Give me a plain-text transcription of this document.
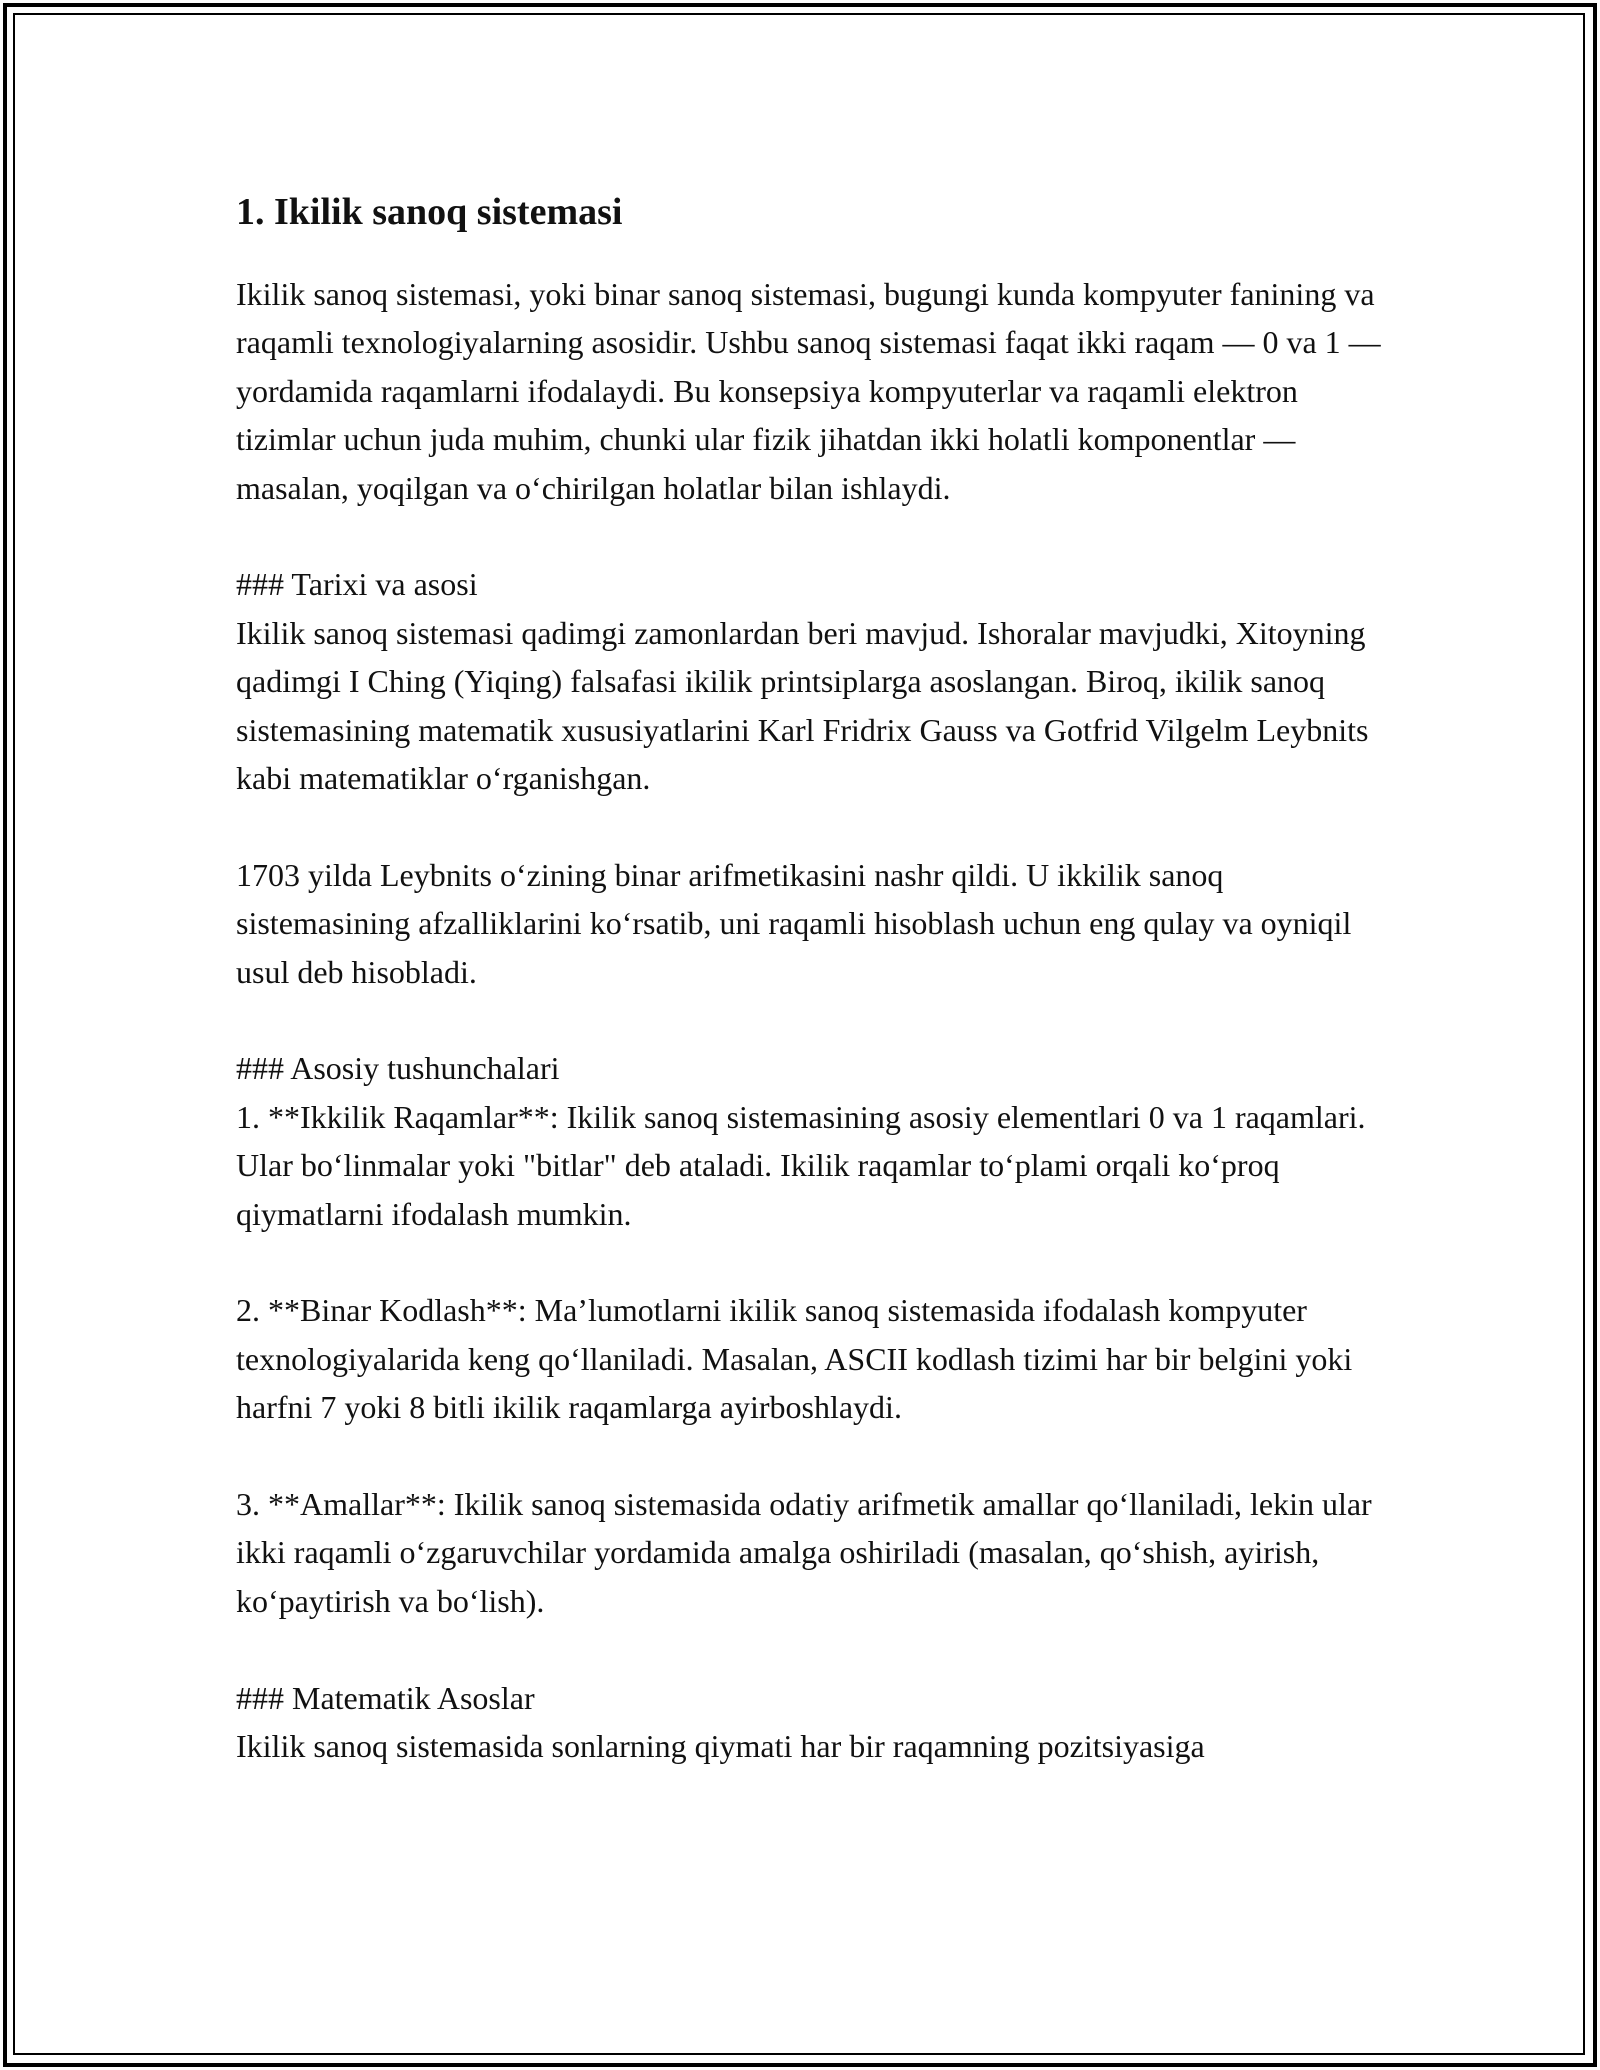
1. Ikilik sanoq sistemasi

Ikilik sanoq sistemasi, yoki binar sanoq sistemasi, bugungi kunda kompyuter fanining va raqamli texnologiyalarning asosidir. Ushbu sanoq sistemasi faqat ikki raqam — 0 va 1 — yordamida raqamlarni ifodalaydi. Bu konsepsiya kompyuterlar va raqamli elektron tizimlar uchun juda muhim, chunki ular fizik jihatdan ikki holatli komponentlar — masalan, yoqilgan va o‘chirilgan holatlar bilan ishlaydi.

### Tarixi va asosi

Ikilik sanoq sistemasi qadimgi zamonlardan beri mavjud. Ishoralar mavjudki, Xitoyning qadimgi I Ching (Yiqing) falsafasi ikilik printsiplarga asoslangan. Biroq, ikilik sanoq sistemasining matematik xususiyatlarini Karl Fridrix Gauss va Gotfrid Vilgelm Leybnits kabi matematiklar o‘rganishgan.

1703 yilda Leybnits o‘zining binar arifmetikasini nashr qildi. U ikkilik sanoq sistemasining afzalliklarini ko‘rsatib, uni raqamli hisoblash uchun eng qulay va oyniqil usul deb hisobladi.

### Asosiy tushunchalari

1. **Ikkilik Raqamlar**: Ikilik sanoq sistemasining asosiy elementlari 0 va 1 raqamlari. Ular bo‘linmalar yoki "bitlar" deb ataladi. Ikilik raqamlar to‘plami orqali ko‘proq qiymatlarni ifodalash mumkin.

2. **Binar Kodlash**: Ma’lumotlarni ikilik sanoq sistemasida ifodalash kompyuter texnologiyalarida keng qo‘llaniladi. Masalan, ASCII kodlash tizimi har bir belgini yoki harfni 7 yoki 8 bitli ikilik raqamlarga ayirboshlaydi.

3. **Amallar**: Ikilik sanoq sistemasida odatiy arifmetik amallar qo‘llaniladi, lekin ular ikki raqamli o‘zgaruvchilar yordamida amalga oshiriladi (masalan, qo‘shish, ayirish, ko‘paytirish va bo‘lish).

### Matematik Asoslar

Ikilik sanoq sistemasida sonlarning qiymati har bir raqamning pozitsiyasiga
